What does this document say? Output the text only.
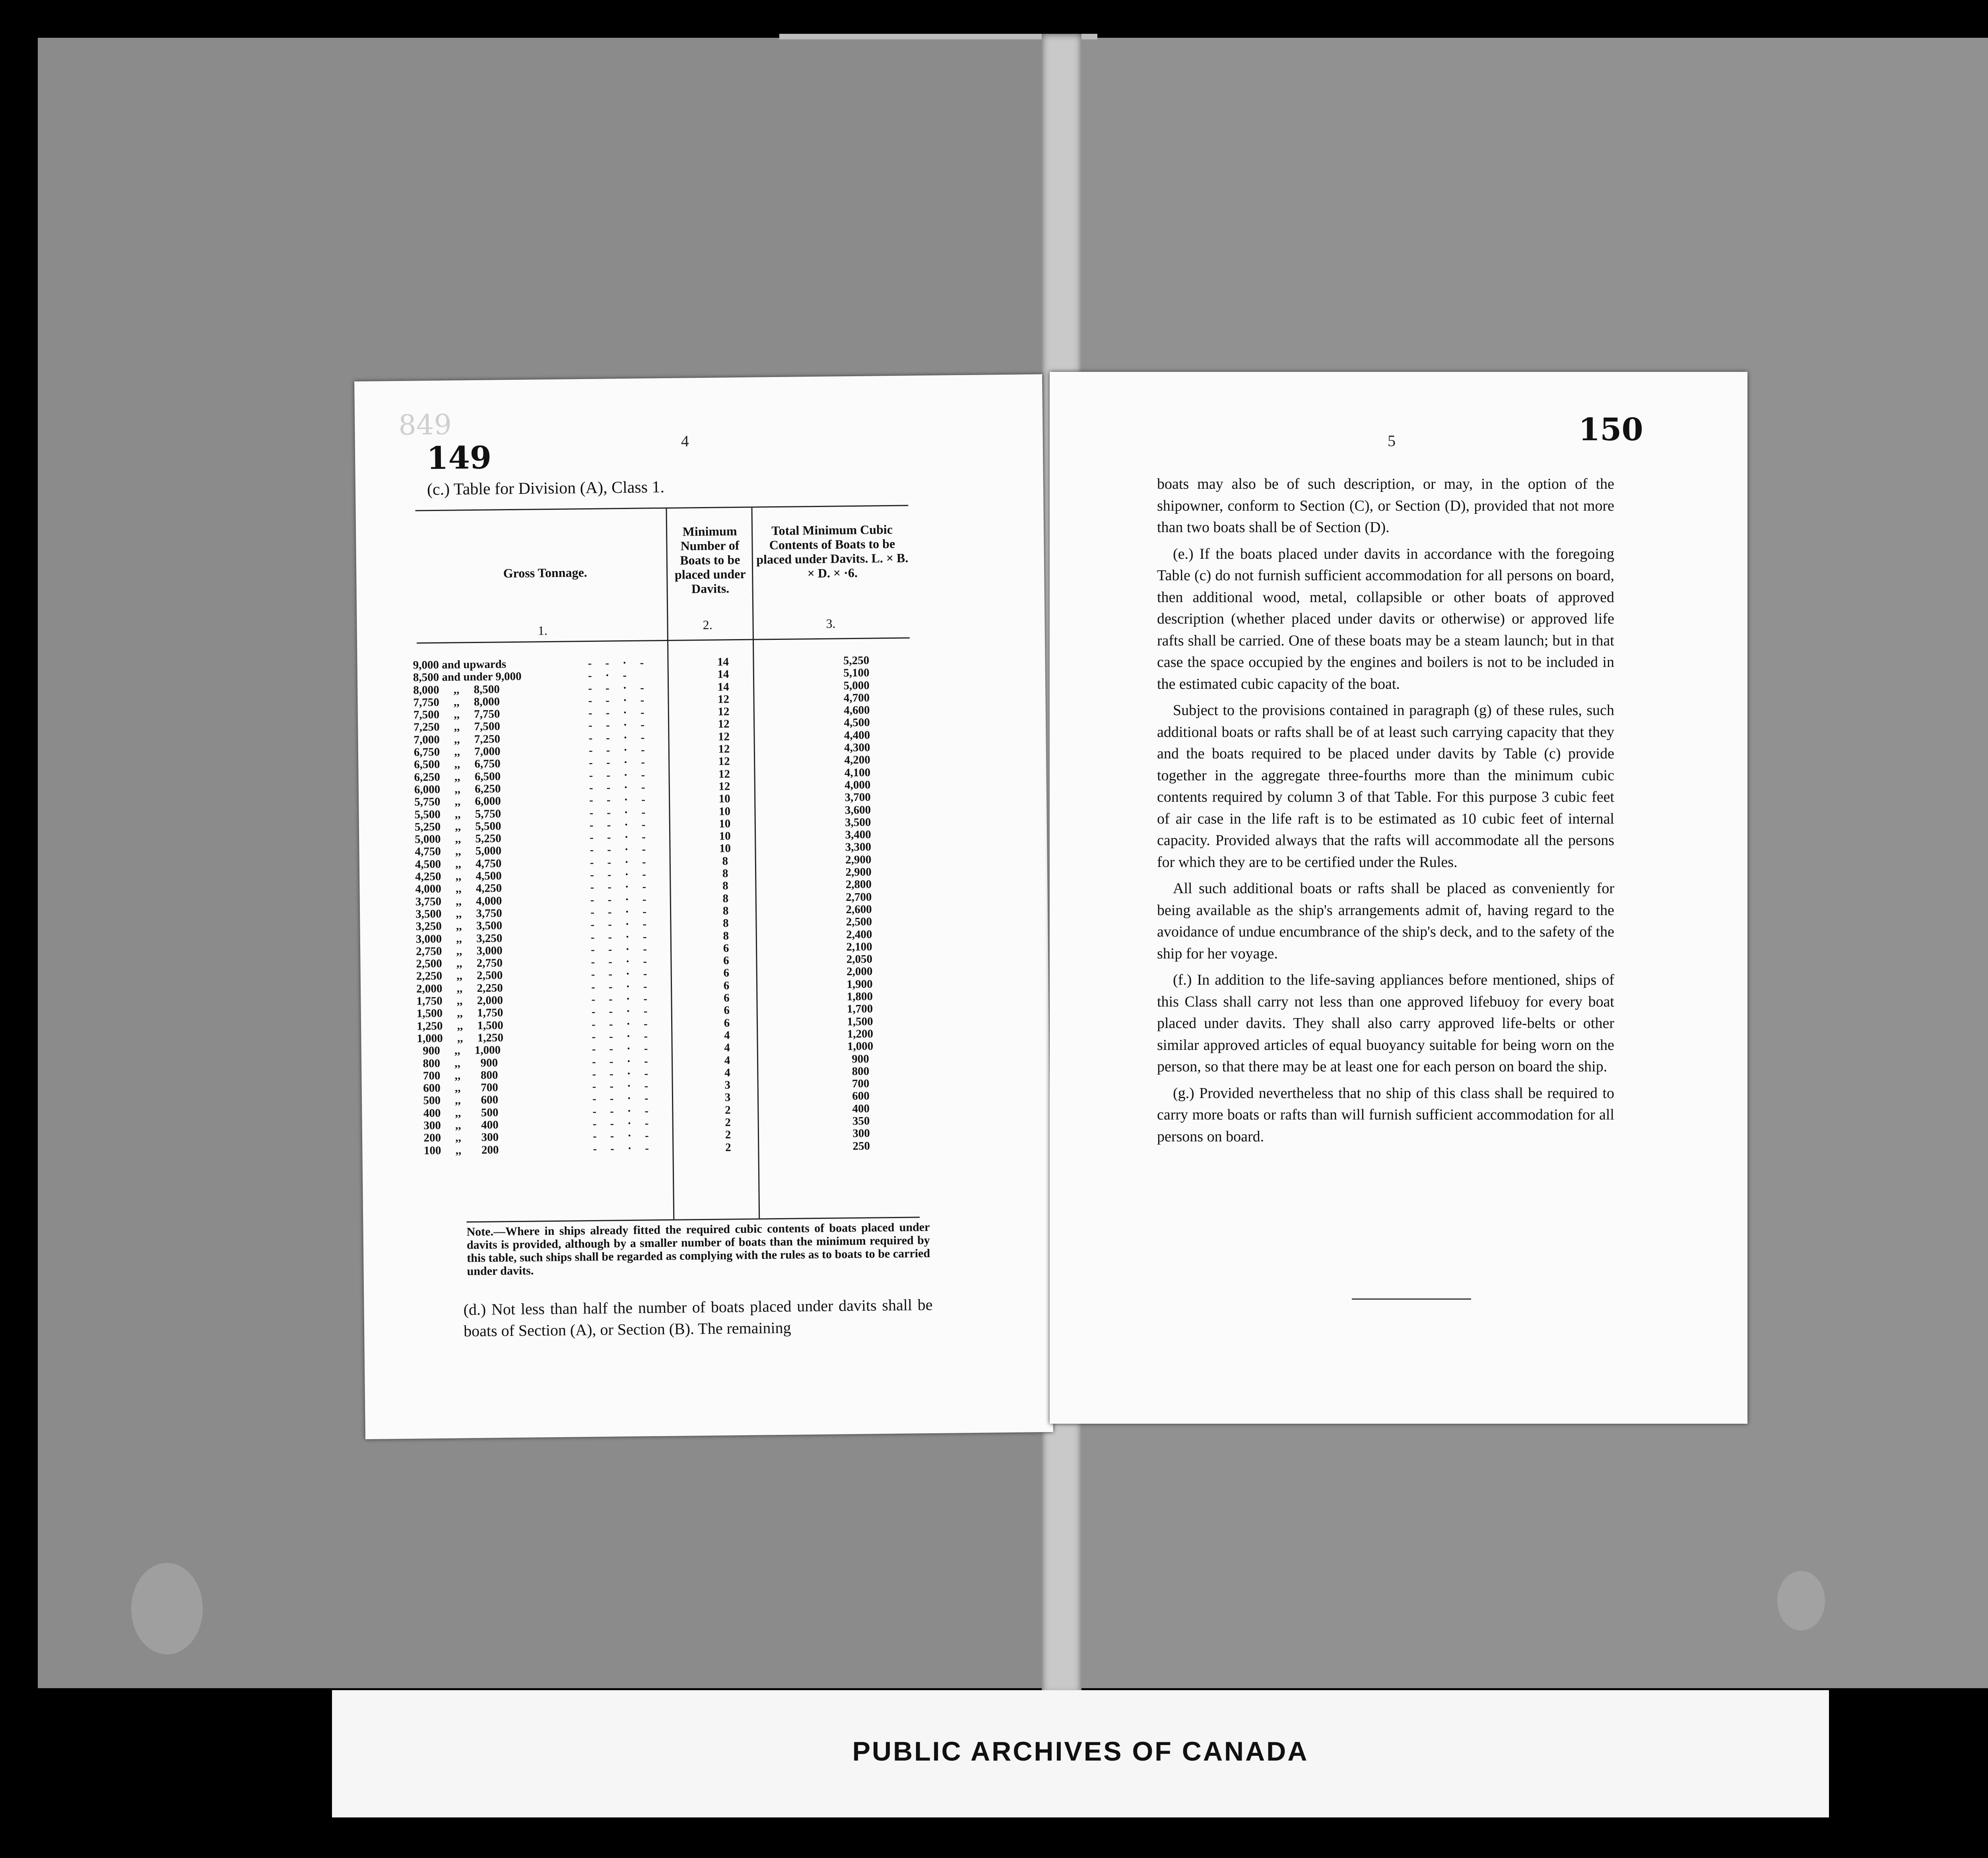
849
149	4
(c.) Table for Division (A), Class 1.
Gross Tonnage.
Minimum Number of Boats to be placed under Davits.
Total Minimum Cubic Contents of Boats to be placed under Davits. L. × B. × D. × ·6.
1.	2.	3.
9,000 and upwards	--·-	14	5,250
8,500 and under 9,000	-·-	14	5,100
8,000     ,,     8,500	--·-	14	5,000
7,750     ,,     8,000	--·-	12	4,700
7,500     ,,     7,750	--·-	12	4,600
7,250     ,,     7,500	--·-	12	4,500
7,000     ,,     7,250	--·-	12	4,400
6,750     ,,     7,000	--·-	12	4,300
6,500     ,,     6,750	--·-	12	4,200
6,250     ,,     6,500	--·-	12	4,100
6,000     ,,     6,250	--·-	12	4,000
5,750     ,,     6,000	--·-	10	3,700
5,500     ,,     5,750	--·-	10	3,600
5,250     ,,     5,500	--·-	10	3,500
5,000     ,,     5,250	--·-	10	3,400
4,750     ,,     5,000	--·-	10	3,300
4,500     ,,     4,750	--·-	8	2,900
4,250     ,,     4,500	--·-	8	2,900
4,000     ,,     4,250	--·-	8	2,800
3,750     ,,     4,000	--·-	8	2,700
3,500     ,,     3,750	--·-	8	2,600
3,250     ,,     3,500	--·-	8	2,500
3,000     ,,     3,250	--·-	8	2,400
2,750     ,,     3,000	--·-	6	2,100
2,500     ,,     2,750	--·-	6	2,050
2,250     ,,     2,500	--·-	6	2,000
2,000     ,,     2,250	--·-	6	1,900
1,750     ,,     2,000	--·-	6	1,800
1,500     ,,     1,750	--·-	6	1,700
1,250     ,,     1,500	--·-	6	1,500
1,000     ,,     1,250	--·-	4	1,200
900     ,,     1,000	--·-	4	1,000
800     ,,       900	--·-	4	900
700     ,,       800	--·-	4	800
600     ,,       700	--·-	3	700
500     ,,       600	--·-	3	600
400     ,,       500	--·-	2	400
300     ,,       400	--·-	2	350
200     ,,       300	--·-	2	300
100     ,,       200	--·-	2	250
Note.—Where in ships already fitted the required cubic contents of boats placed under davits is provided, although by a smaller number of boats than the minimum required by this table, such ships shall be regarded as complying with the rules as to boats to be carried under davits.
(d.) Not less than half the number of boats placed under davits shall be boats of Section (A), or Section (B). The remaining
5	150

boats may also be of such description, or may, in the option of the shipowner, conform to Section (C), or Section (D), provided that not more than two boats shall be of Section (D).

(e.) If the boats placed under davits in accordance with the foregoing Table (c) do not furnish sufficient accommodation for all persons on board, then additional wood, metal, collapsible or other boats of approved description (whether placed under davits or otherwise) or approved life rafts shall be carried. One of these boats may be a steam launch; but in that case the space occupied by the engines and boilers is not to be included in the estimated cubic capacity of the boat.

Subject to the provisions contained in paragraph (g) of these rules, such additional boats or rafts shall be of at least such carrying capacity that they and the boats required to be placed under davits by Table (c) provide together in the aggregate three-fourths more than the minimum cubic contents required by column 3 of that Table. For this purpose 3 cubic feet of air case in the life raft is to be estimated as 10 cubic feet of internal capacity. Provided always that the rafts will accommodate all the persons for which they are to be certified under the Rules.

All such additional boats or rafts shall be placed as conveniently for being available as the ship's arrangements admit of, having regard to the avoidance of undue encumbrance of the ship's deck, and to the safety of the ship for her voyage.

(f.) In addition to the life-saving appliances before mentioned, ships of this Class shall carry not less than one approved lifebuoy for every boat placed under davits. They shall also carry approved life-belts or other similar approved articles of equal buoyancy suitable for being worn on the person, so that there may be at least one for each person on board the ship.

(g.) Provided nevertheless that no ship of this class shall be required to carry more boats or rafts than will furnish sufficient accommodation for all persons on board.

PUBLIC ARCHIVES OF CANADA
